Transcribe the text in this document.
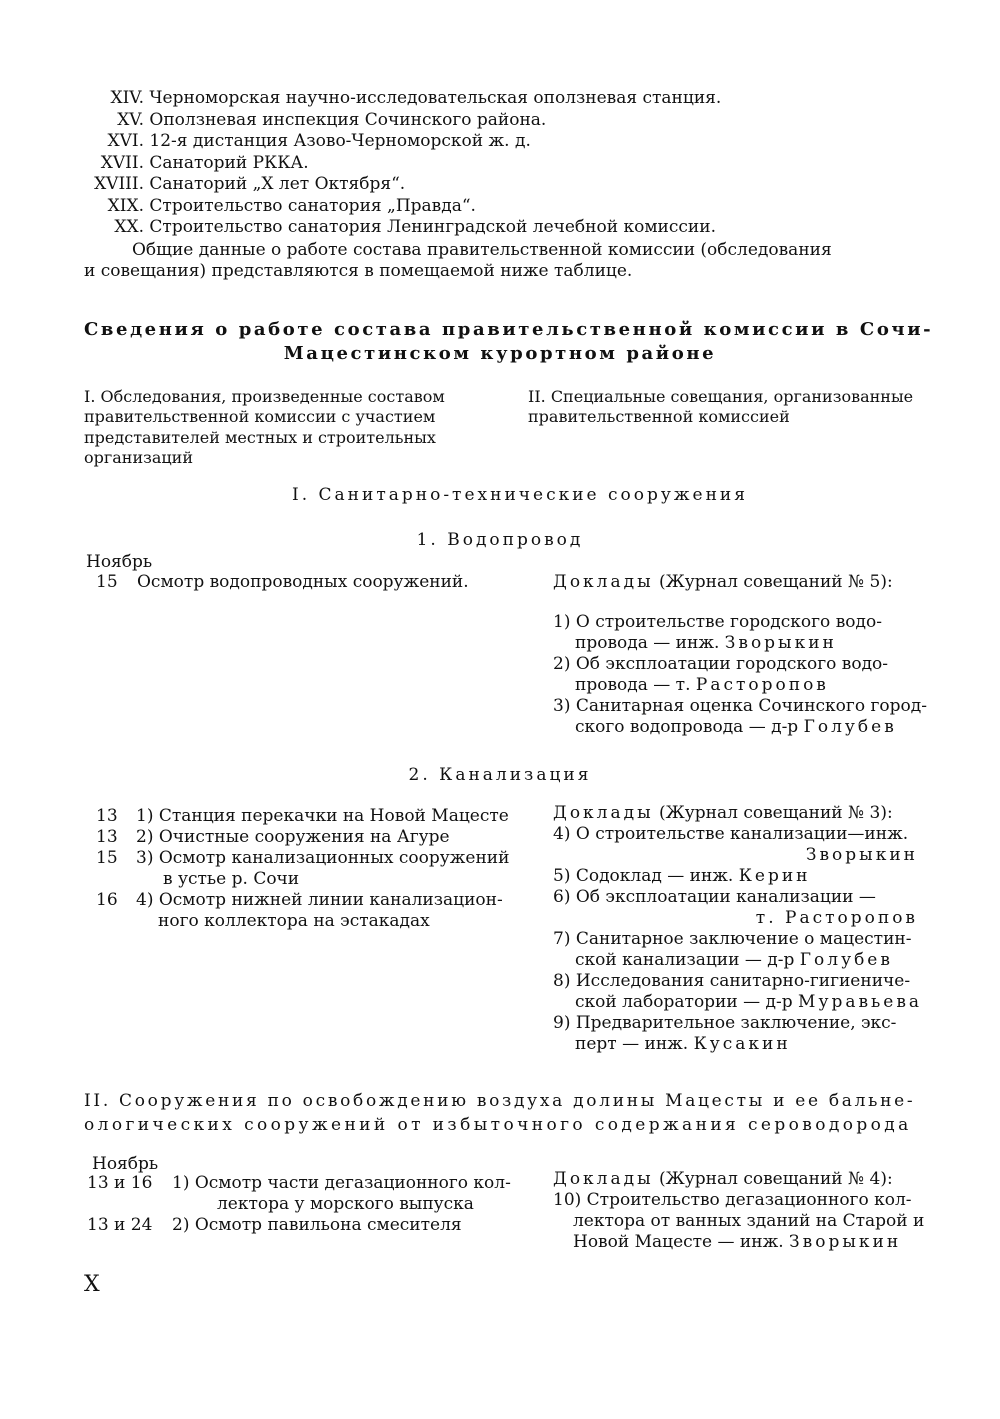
XIV. Черноморская научно-исследовательская оползневая станция.
XV. Оползневая инспекция Сочинского района.
XVI. 12-я дистанция Азово-Черноморской ж. д.
XVII. Санаторий РККА.
XVIII. Санаторий „X лет Октября“.
XIX. Строительство санатория „Правда“.
XX. Строительство санатория Ленинградской лечебной комиссии.
Общие данные о работе состава правительственной комиссии (обследования
и совещания) представляются в помещаемой ниже таблице.
Сведения о работе состава правительственной комиссии в Сочи-
Мацестинском курортном районе
I. Обследования, произведенные составом правительственной комиссии с участием представителей местных и строительных организаций
II. Специальные совещания, организованные правительственной комиссией
I. Санитарно-технические сооружения
1. Водопровод
Ноябрь
15 Осмотр водопроводных сооружений.	Доклады (Журнал совещаний № 5):
1) О строительстве городского водо-
провода — инж. Зворыкин
2) Об эксплоатации городского водо-
провода — т. Расторопов
3) Санитарная оценка Сочинского город-
ского водопровода — д-р Голубев
2. Канализация
13 1) Станция перекачки на Новой Мацесте
13 2) Очистные сооружения на Агуре
15 3) Осмотр канализационных сооружений
в устье р. Сочи
16 4) Осмотр нижней линии канализацион-
ного коллектора на эстакадах
Доклады (Журнал совещаний № 3):
4) О строительстве канализации—инж.
Зворыкин
5) Содоклад — инж. Керин
6) Об эксплоатации канализации —
т. Расторопов
7) Санитарное заключение о мацестин-
ской канализации — д-р Голубев
8) Исследования санитарно-гигиениче-
ской лаборатории — д-р Муравьева
9) Предварительное заключение, экс-
перт — инж. Кусакин
II. Сооружения по освобождению воздуха долины Мацесты и ее бальне-
ологических сооружений от избыточного содержания сероводорода
Ноябрь
13 и 16 1) Осмотр части дегазационного кол-
лектора у морского выпуска
13 и 24 2) Осмотр павильона смесителя
Доклады (Журнал совещаний № 4):
10) Строительство дегазационного кол-
лектора от ванных зданий на Старой и
Новой Мацесте — инж. Зворыкин
X
